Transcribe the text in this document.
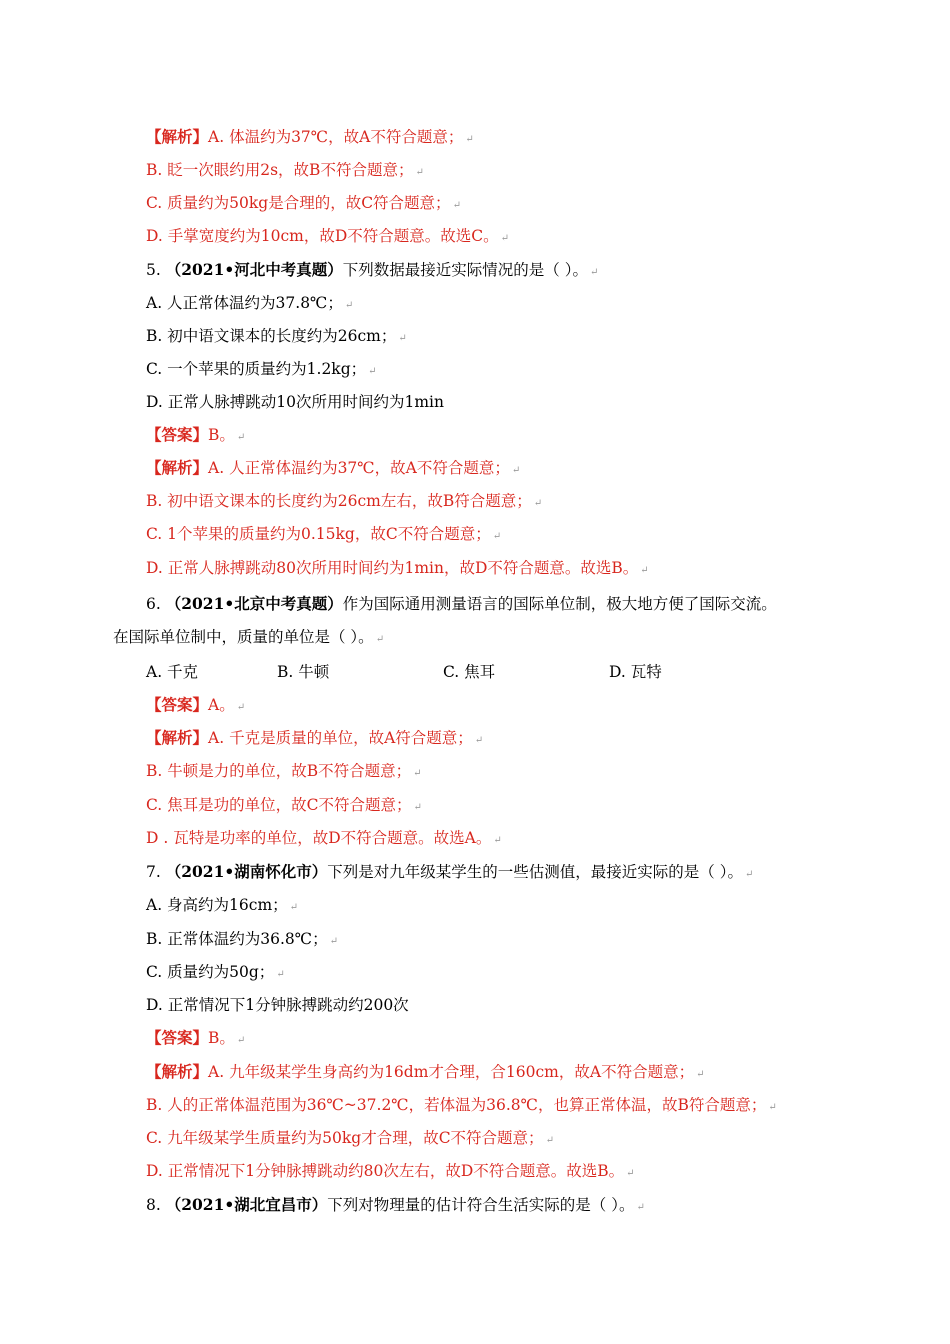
【解析】A. 体温约为37℃，故A不符合题意； ↵
B. 眨一次眼约用2s，故B不符合题意； ↵
C. 质量约为50kg是合理的，故C符合题意； ↵
D. 手掌宽度约为10cm，故D不符合题意。故选C。 ↵
5. （2021•河北中考真题）下列数据最接近实际情况的是（ ）。 ↵
A. 人正常体温约为37.8℃； ↵
B. 初中语文课本的长度约为26cm； ↵
C. 一个苹果的质量约为1.2kg； ↵
D. 正常人脉搏跳动10次所用时间约为1min
【答案】B。 ↵
【解析】A. 人正常体温约为37℃，故A不符合题意； ↵
B. 初中语文课本的长度约为26cm左右，故B符合题意； ↵
C. 1个苹果的质量约为0.15kg，故C不符合题意； ↵
D. 正常人脉搏跳动80次所用时间约为1min，故D不符合题意。故选B。 ↵
6. （2021•北京中考真题）作为国际通用测量语言的国际单位制，极大地方便了国际交流。
在国际单位制中，质量的单位是（ ）。 ↵
A. 千克	B. 牛顿	C. 焦耳	D. 瓦特
【答案】A。 ↵
【解析】A. 千克是质量的单位，故A符合题意； ↵
B. 牛顿是力的单位，故B不符合题意； ↵
C. 焦耳是功的单位，故C不符合题意； ↵
D . 瓦特是功率的单位，故D不符合题意。故选A。 ↵
7. （2021•湖南怀化市）下列是对九年级某学生的一些估测值，最接近实际的是（ ）。 ↵
A. 身高约为16cm； ↵
B. 正常体温约为36.8℃； ↵
C. 质量约为50g； ↵
D. 正常情况下1分钟脉搏跳动约200次
【答案】B。 ↵
【解析】A. 九年级某学生身高约为16dm才合理，合160cm，故A不符合题意； ↵
B. 人的正常体温范围为36℃~37.2℃，若体温为36.8℃，也算正常体温，故B符合题意； ↵
C. 九年级某学生质量约为50kg才合理，故C不符合题意； ↵
D. 正常情况下1分钟脉搏跳动约80次左右，故D不符合题意。故选B。 ↵
8. （2021•湖北宜昌市）下列对物理量的估计符合生活实际的是（ ）。 ↵
